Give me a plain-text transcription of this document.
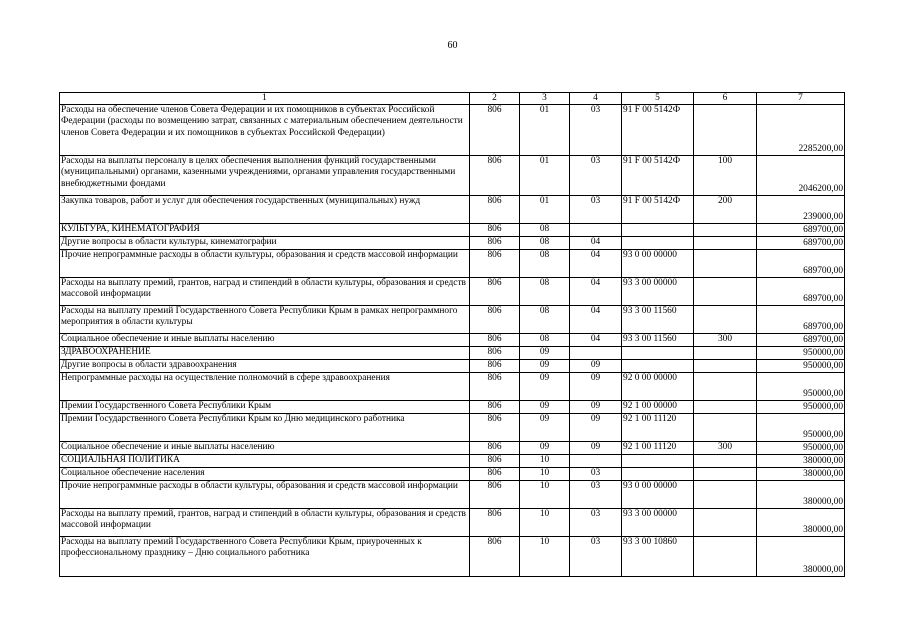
60
1	2	3	4	5	6	7
Расходы на обеспечение членов Совета Федерации и их помощников в субъектах Российской Федерации (расходы по возмещению затрат, связанных с материальным обеспечением деятельности членов Совета Федерации и их помощников в субъектах Российской Федерации)	806	01	03	91 F 00 5142Ф		2285200,00
Расходы на выплаты персоналу в целях обеспечения выполнения функций государственными (муниципальными) органами, казенными учреждениями, органами управления государственными внебюджетными фондами	806	01	03	91 F 00 5142Ф	100	2046200,00
Закупка товаров, работ и услуг для обеспечения государственных (муниципальных) нужд	806	01	03	91 F 00 5142Ф	200	239000,00
КУЛЬТУРА, КИНЕМАТОГРАФИЯ	806	08				689700,00
Другие вопросы в области культуры, кинематографии	806	08	04			689700,00
Прочие непрограммные расходы в области культуры, образования и средств массовой информации	806	08	04	93 0 00 00000		689700,00
Расходы на выплату премий, грантов, наград и стипендий в области культуры, образования и средств массовой информации	806	08	04	93 3 00 00000		689700,00
Расходы на выплату премий Государственного Совета Республики Крым в рамках непрограммного мероприятия в области культуры	806	08	04	93 3 00 11560		689700,00
Социальное обеспечение и иные выплаты населению	806	08	04	93 3 00 11560	300	689700,00
ЗДРАВООХРАНЕНИЕ	806	09				950000,00
Другие вопросы в области здравоохранения	806	09	09			950000,00
Непрограммные расходы на осуществление полномочий в сфере здравоохранения	806	09	09	92 0 00 00000		950000,00
Премии Государственного Совета Республики Крым	806	09	09	92 1 00 00000		950000,00
Премии Государственного Совета Республики Крым ко Дню медицинского работника	806	09	09	92 1 00 11120		950000,00
Социальное обеспечение и иные выплаты населению	806	09	09	92 1 00 11120	300	950000,00
СОЦИАЛЬНАЯ ПОЛИТИКА	806	10				380000,00
Социальное обеспечение населения	806	10	03			380000,00
Прочие непрограммные расходы в области культуры, образования и средств массовой информации	806	10	03	93 0 00 00000		380000,00
Расходы на выплату премий, грантов, наград и стипендий в области культуры, образования и средств массовой информации	806	10	03	93 3 00 00000		380000,00
Расходы на выплату премий Государственного Совета Республики Крым, приуроченных к профессиональному празднику – Дню социального работника	806	10	03	93 3 00 10860		380000,00
